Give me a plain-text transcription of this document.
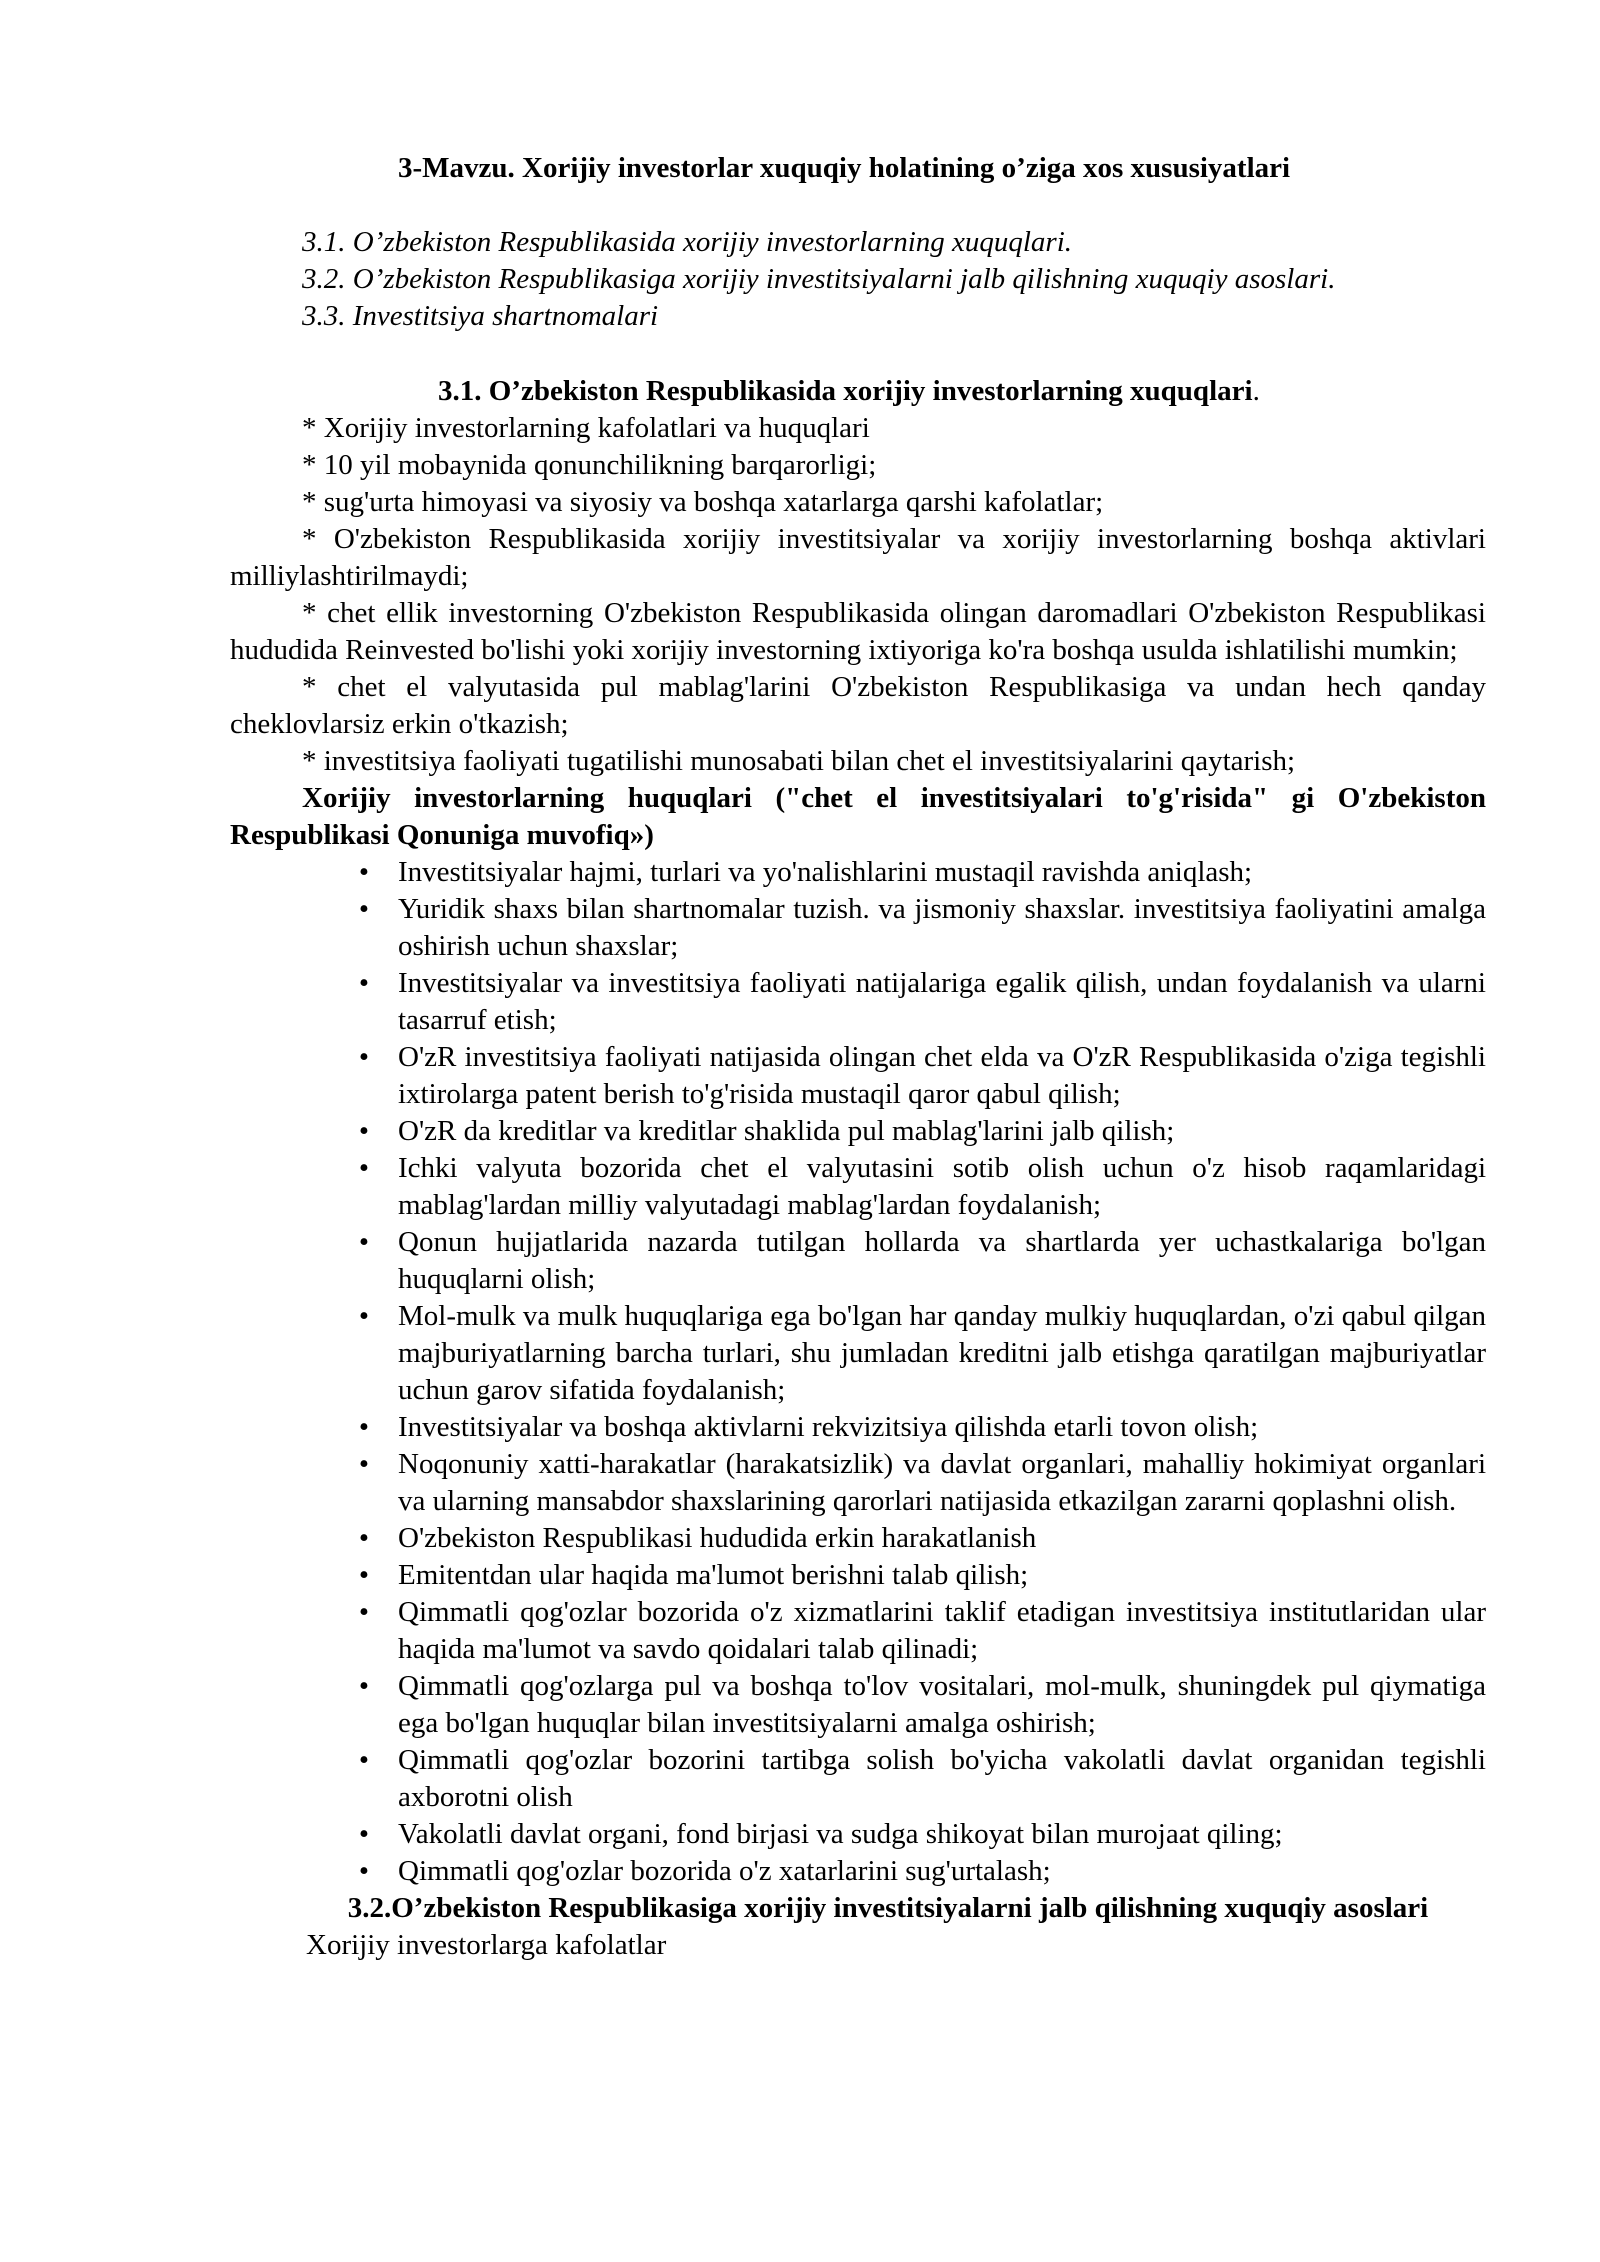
3-Mavzu. Xorijiy investorlar xuquqiy holatining o’ziga xos xususiyatlari
3.1. O’zbekiston Respublikasida xorijiy investorlarning xuquqlari.
3.2. O’zbekiston Respublikasiga xorijiy investitsiyalarni jalb qilishning xuquqiy asoslari.
3.3. Investitsiya shartnomalari
3.1. O’zbekiston Respublikasida xorijiy investorlarning xuquqlari.
* Xorijiy investorlarning kafolatlari va huquqlari
* 10 yil mobaynida qonunchilikning barqarorligi;
* sug'urta himoyasi va siyosiy va boshqa xatarlarga qarshi kafolatlar;
* O'zbekiston Respublikasida xorijiy investitsiyalar va xorijiy investorlarning boshqa aktivlari milliylashtirilmaydi;
* chet ellik investorning O'zbekiston Respublikasida olingan daromadlari O'zbekiston Respublikasi hududida Reinvested bo'lishi yoki xorijiy investorning ixtiyoriga ko'ra boshqa usulda ishlatilishi mumkin;
* chet el valyutasida pul mablag'larini O'zbekiston Respublikasiga va undan hech qanday cheklovlarsiz erkin o'tkazish;
* investitsiya faoliyati tugatilishi munosabati bilan chet el investitsiyalarini qaytarish;
Xorijiy investorlarning huquqlari ("chet el investitsiyalari to'g'risida" gi O'zbekiston Respublikasi Qonuniga muvofiq»)
• Investitsiyalar hajmi, turlari va yo'nalishlarini mustaqil ravishda aniqlash;
• Yuridik shaxs bilan shartnomalar tuzish. va jismoniy shaxslar. investitsiya faoliyatini amalga oshirish uchun shaxslar;
• Investitsiyalar va investitsiya faoliyati natijalariga egalik qilish, undan foydalanish va ularni tasarruf etish;
• O'zR investitsiya faoliyati natijasida olingan chet elda va O'zR Respublikasida o'ziga tegishli ixtirolarga patent berish to'g'risida mustaqil qaror qabul qilish;
• O'zR da kreditlar va kreditlar shaklida pul mablag'larini jalb qilish;
• Ichki valyuta bozorida chet el valyutasini sotib olish uchun o'z hisob raqamlaridagi mablag'lardan milliy valyutadagi mablag'lardan foydalanish;
• Qonun hujjatlarida nazarda tutilgan hollarda va shartlarda yer uchastkalariga bo'lgan huquqlarni olish;
• Mol-mulk va mulk huquqlariga ega bo'lgan har qanday mulkiy huquqlardan, o'zi qabul qilgan majburiyatlarning barcha turlari, shu jumladan kreditni jalb etishga qaratilgan majburiyatlar uchun garov sifatida foydalanish;
• Investitsiyalar va boshqa aktivlarni rekvizitsiya qilishda etarli tovon olish;
• Noqonuniy xatti-harakatlar (harakatsizlik) va davlat organlari, mahalliy hokimiyat organlari va ularning mansabdor shaxslarining qarorlari natijasida etkazilgan zararni qoplashni olish.
• O'zbekiston Respublikasi hududida erkin harakatlanish
• Emitentdan ular haqida ma'lumot berishni talab qilish;
• Qimmatli qog'ozlar bozorida o'z xizmatlarini taklif etadigan investitsiya institutlaridan ular haqida ma'lumot va savdo qoidalari talab qilinadi;
• Qimmatli qog'ozlarga pul va boshqa to'lov vositalari, mol-mulk, shuningdek pul qiymatiga ega bo'lgan huquqlar bilan investitsiyalarni amalga oshirish;
• Qimmatli qog'ozlar bozorini tartibga solish bo'yicha vakolatli davlat organidan tegishli axborotni olish
• Vakolatli davlat organi, fond birjasi va sudga shikoyat bilan murojaat qiling;
• Qimmatli qog'ozlar bozorida o'z xatarlarini sug'urtalash;
3.2.O’zbekiston Respublikasiga xorijiy investitsiyalarni jalb qilishning xuquqiy asoslari
Xorijiy investorlarga kafolatlar
